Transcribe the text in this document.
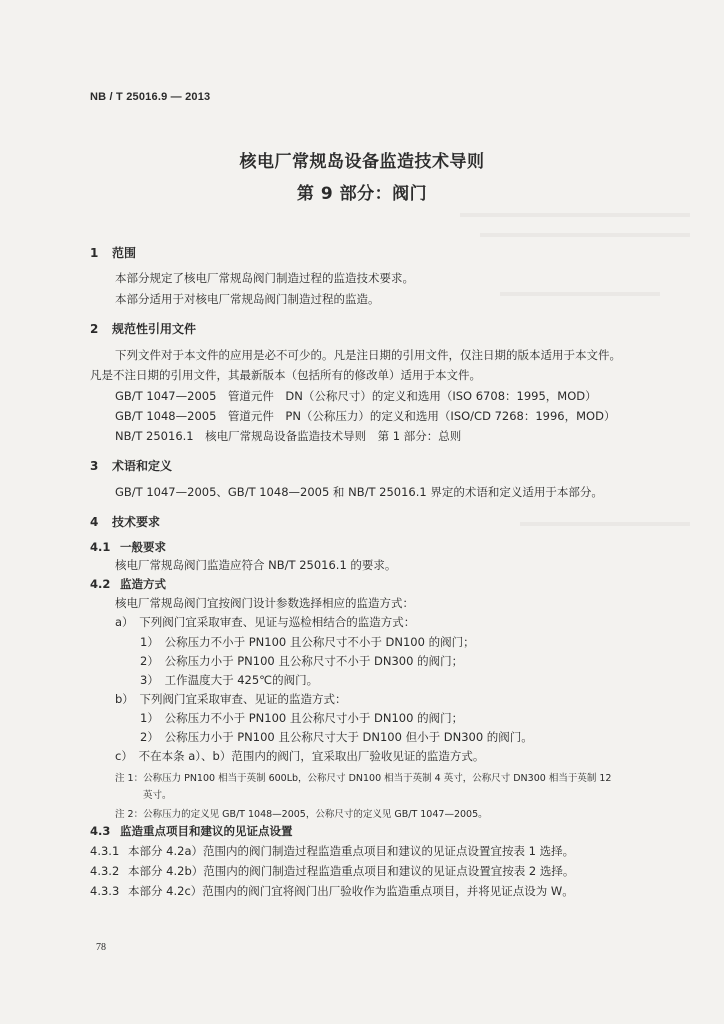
NB / T 25016.9 — 2013
核电厂常规岛设备监造技术导则
第 9 部分：阀门
1 范围
本部分规定了核电厂常规岛阀门制造过程的监造技术要求。
本部分适用于对核电厂常规岛阀门制造过程的监造。
2 规范性引用文件
下列文件对于本文件的应用是必不可少的。凡是注日期的引用文件，仅注日期的版本适用于本文件。
凡是不注日期的引用文件，其最新版本（包括所有的修改单）适用于本文件。
GB/T 1047—2005　管道元件　DN（公称尺寸）的定义和选用（ISO 6708：1995，MOD）
GB/T 1048—2005　管道元件　PN（公称压力）的定义和选用（ISO/CD 7268：1996，MOD）
NB/T 25016.1　核电厂常规岛设备监造技术导则　第 1 部分：总则
3 术语和定义
GB/T 1047—2005、GB/T 1048—2005 和 NB/T 25016.1 界定的术语和定义适用于本部分。
4 技术要求
4.1 一般要求
核电厂常规岛阀门监造应符合 NB/T 25016.1 的要求。
4.2 监造方式
核电厂常规岛阀门宜按阀门设计参数选择相应的监造方式：
a）　下列阀门宜采取审查、见证与巡检相结合的监造方式：
1）　公称压力不小于 PN100 且公称尺寸不小于 DN100 的阀门；
2）　公称压力小于 PN100 且公称尺寸不小于 DN300 的阀门；
3）　工作温度大于 425℃的阀门。
b）　下列阀门宜采取审查、见证的监造方式：
1）　公称压力不小于 PN100 且公称尺寸小于 DN100 的阀门；
2）　公称压力小于 PN100 且公称尺寸大于 DN100 但小于 DN300 的阀门。
c）　不在本条 a）、b）范围内的阀门，宜采取出厂验收见证的监造方式。
注 1：公称压力 PN100 相当于英制 600Lb，公称尺寸 DN100 相当于英制 4 英寸，公称尺寸 DN300 相当于英制 12
英寸。
注 2：公称压力的定义见 GB/T 1048—2005，公称尺寸的定义见 GB/T 1047—2005。
4.3 监造重点项目和建议的见证点设置
4.3.1 本部分 4.2a）范围内的阀门制造过程监造重点项目和建议的见证点设置宜按表 1 选择。
4.3.2 本部分 4.2b）范围内的阀门制造过程监造重点项目和建议的见证点设置宜按表 2 选择。
4.3.3 本部分 4.2c）范围内的阀门宜将阀门出厂验收作为监造重点项目，并将见证点设为 W。
78
